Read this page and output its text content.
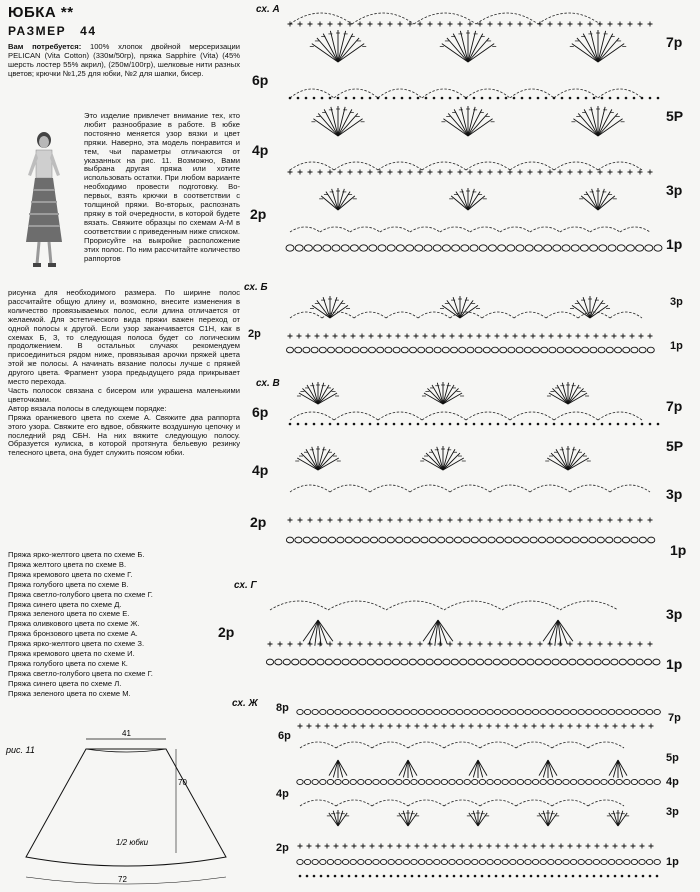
ЮБКА **
РАЗМЕР 44
Вам потребуется: 100% хлопок двойной мерсеризации PELICAN (Vita Cotton) (330м/50гр), пряжа Sapphire (Vita) (45% шерсть лостер 55% акрил), (250м/100гр), шелковые нити разных цветов; крючки №1,25 для юбки, №2 для шапки, бисер.
Это изделие привлечет внимание тех, кто любит разнообразие в работе. В юбке постоянно меняется узор вязки и цвет пряжи. Наверно, эта модель понравится и тем, чьи параметры отличаются от указанных на рис. 11. Возможно, Вами выбрана другая пряжа или хотите использовать остатки. При любом варианте необходимо провести подготовку. Во-первых, взять крючки в соответствии с толщиной пряжи. Во-вторых, распознать пряжу в той очередности, в которой будете вязать. Свяжите образцы по схемам А-М в соответствии с приведенным ниже списком. Прорисуйте на выкройке расположение этих полос. По ним рассчитайте количество раппортов
рисунка для необходимого размера. По ширине полос рассчитайте общую длину и, возможно, внесите изменения в количество провязываемых полос, если длина отличается от желаемой. Для эстетического вида пряжи важен переход от одной полосы к другой. Если узор заканчивается С1Н, как в схемах Б, З, то следующая полоса будет со логическим продолжением. В остальных случаях рекомендуем присоединиться рядом ниже, провязывая арочки пряжей цвета этой же полосы. А начинать вязание полосы лучше с пряжей другого цвета. Фрагмент узора предыдущего ряда прикрывает место перехода.
Часть полосок связана с бисером или украшена маленькими цветочками.
Автор вязала полосы в следующем порядке:
Пряжа оранжевого цвета по схеме А. Свяжите два раппорта этого узора. Свяжите его вдвое, обвяжите воздушную цепочку и последний ряд СБН. На них вяжите следующую полосу. Образуется кулиска, в которой протянута бельевую резинку телесного цвета, она будет служить поясом юбки.
Пряжа ярко-желтого цвета по схеме Б.
Пряжа желтого цвета по схеме В.
Пряжа кремового цвета по схеме Г.
Пряжа голубого цвета по схеме В.
Пряжа светло-голубого цвета по схеме Г.
Пряжа синего цвета по схеме Д.
Пряжа зеленого цвета по схеме Е.
Пряжа оливкового цвета по схеме Ж.
Пряжа бронзового цвета по схеме А.
Пряжа ярко-желтого цвета по схеме З.
Пряжа кремового цвета по схеме И.
Пряжа голубого цвета по схеме К.
Пряжа светло-голубого цвета по схеме Г.
Пряжа синего цвета по схеме Л.
Пряжа зеленого цвета по схеме М.
рис. 11
41
70
1/2 юбки
72
сх. А
7р
6р
5Р
4р
3р
2р
1р
сх. Б
3р
2р
1р
сх. В
7р
6р
5Р
4р
3р
2р
1р
сх. Г
3р
2р
1р
сх. Ж 8р
7р
6р
5р
4р
4р
3р
2р
1р
